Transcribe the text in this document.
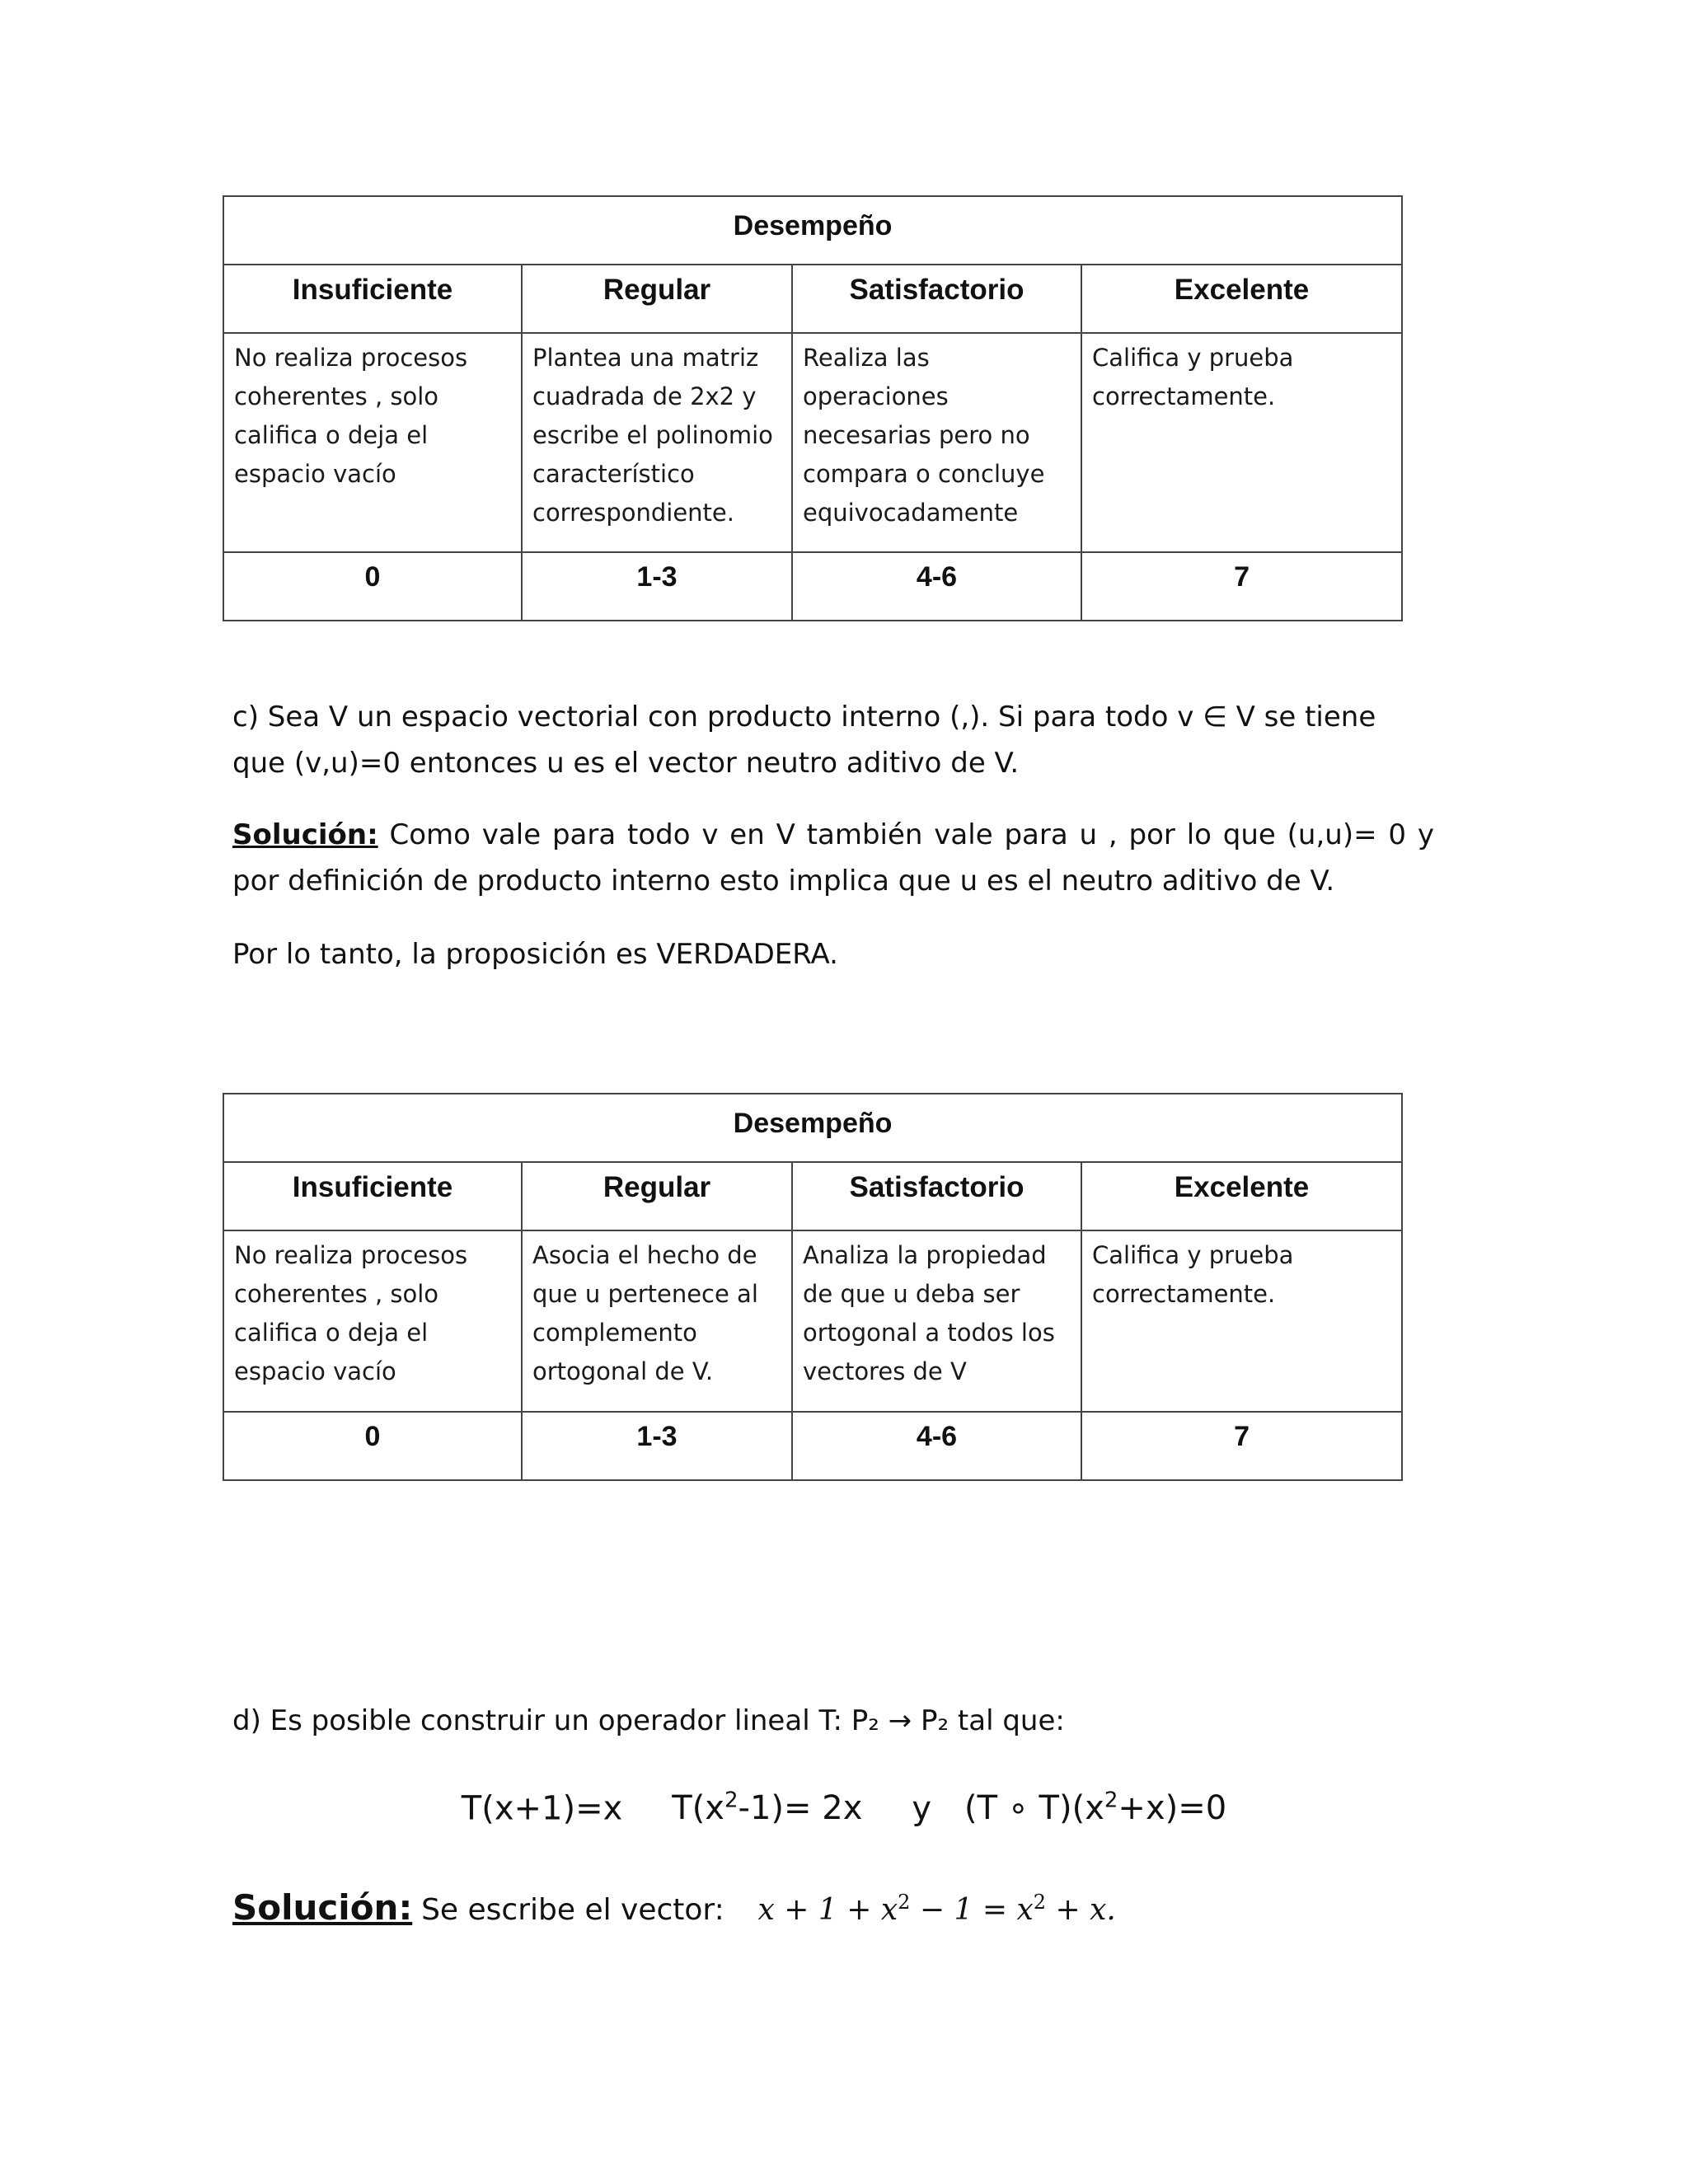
Desempeño			
Insuficiente	Regular	Satisfactorio	Excelente
No realiza procesos coherentes , solo califica o deja el espacio vacío	Plantea una matriz cuadrada de 2x2 y escribe el polinomio característico correspondiente.	Realiza las operaciones necesarias pero no compara o concluye equivocadamente	Califica y prueba correctamente.
0	1-3	4-6	7

c) Sea V un espacio vectorial con producto interno (,). Si para todo v ∈ V se tiene que (v,u)=0 entonces u es el vector neutro aditivo de V.

Solución: Como vale para todo v en V también vale para u , por lo que (u,u)= 0 y por definición de producto interno esto implica que u es el neutro aditivo de V.

Por lo tanto, la proposición es VERDADERA.

Desempeño			
Insuficiente	Regular	Satisfactorio	Excelente
No realiza procesos coherentes , solo califica o deja el espacio vacío	Asocia el hecho de que u pertenece al complemento ortogonal de V.	Analiza la propiedad de que u deba ser ortogonal a todos los vectores de V	Califica y prueba correctamente.
0	1-3	4-6	7

d) Es posible construir un operador lineal T: P₂ → P₂ tal que:

T(x+1)=x $T(x^2-1)= 2x$ y (T ∘ $T)(x^2+x)=0$
Solución: Se escribe el vector: $x + 1 + x^2 - 1 = x^2 + x$.
